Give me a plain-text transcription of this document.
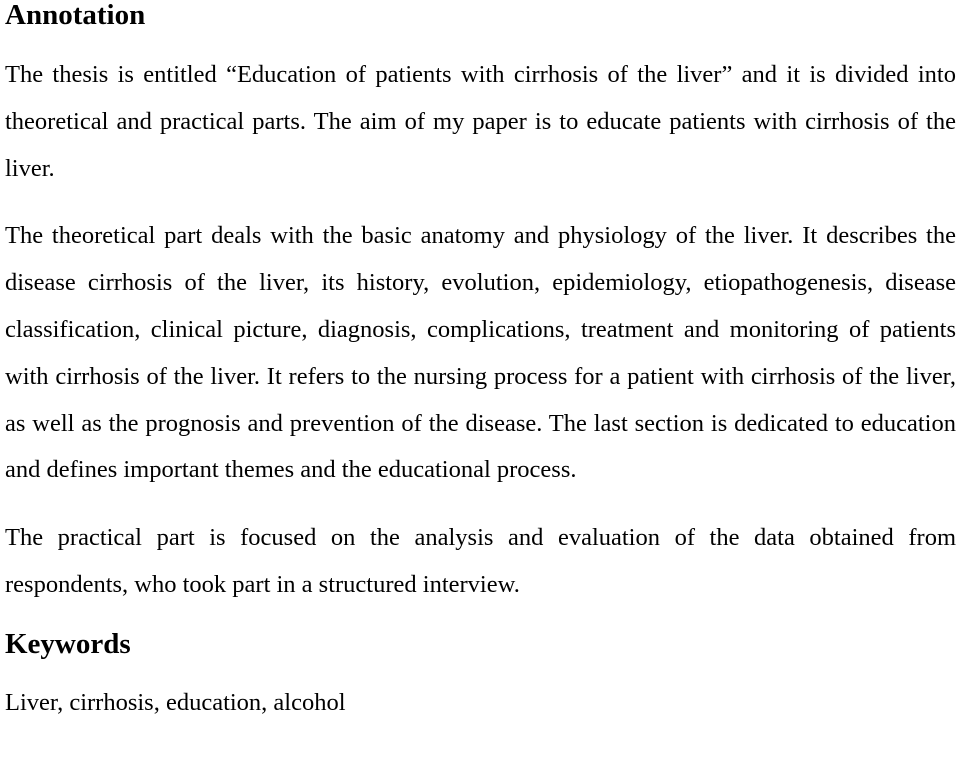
Annotation

The thesis is entitled “Education of patients with cirrhosis of the liver” and it is divided into theoretical and practical parts. The aim of my paper is to educate patients with cirrhosis of the liver.

The theoretical part deals with the basic anatomy and physiology of the liver. It describes the disease cirrhosis of the liver, its history, evolution, epidemiology, etiopathogenesis, disease classification, clinical picture, diagnosis, complications, treatment and monitoring of patients with cirrhosis of the liver. It refers to the nursing process for a patient with cirrhosis of the liver, as well as the prognosis and prevention of the disease. The last section is dedicated to education and defines important themes and the educational process.

The practical part is focused on the analysis and evaluation of the data obtained from respondents, who took part in a structured interview.

Keywords

Liver, cirrhosis, education, alcohol
